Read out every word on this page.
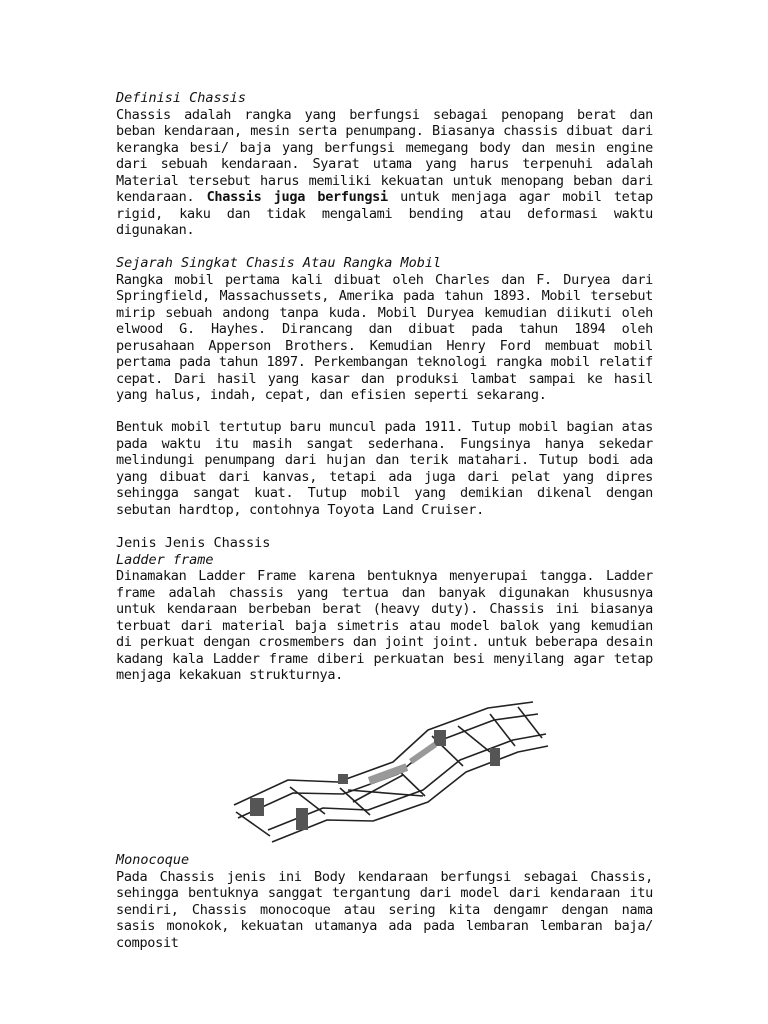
Definisi Chassis

Chassis adalah rangka yang berfungsi sebagai penopang berat dan beban kendaraan, mesin serta penumpang. Biasanya chassis dibuat dari kerangka besi/ baja yang berfungsi memegang body dan mesin engine dari sebuah kendaraan. Syarat utama yang harus terpenuhi adalah Material tersebut harus memiliki kekuatan untuk menopang beban dari kendaraan. Chassis juga berfungsi untuk menjaga agar mobil tetap rigid, kaku dan tidak mengalami bending atau deformasi waktu digunakan.

Sejarah Singkat Chasis Atau Rangka Mobil

Rangka mobil pertama kali dibuat oleh Charles dan F. Duryea dari Springfield, Massachussets, Amerika pada tahun 1893. Mobil tersebut mirip sebuah andong tanpa kuda. Mobil Duryea kemudian diikuti oleh elwood G. Hayhes. Dirancang dan dibuat pada tahun 1894 oleh perusahaan Apperson Brothers. Kemudian Henry Ford membuat mobil pertama pada tahun 1897. Perkembangan teknologi rangka mobil relatif cepat. Dari hasil yang kasar dan produksi lambat sampai ke hasil yang halus, indah, cepat, dan efisien seperti sekarang.

Bentuk mobil tertutup baru muncul pada 1911. Tutup mobil bagian atas pada waktu itu masih sangat sederhana. Fungsinya hanya sekedar melindungi penumpang dari hujan dan terik matahari. Tutup bodi ada yang dibuat dari kanvas, tetapi ada juga dari pelat yang dipres sehingga sangat kuat. Tutup mobil yang demikian dikenal dengan sebutan hardtop, contohnya Toyota Land Cruiser.

Jenis Jenis Chassis
Ladder frame

Dinamakan Ladder Frame karena bentuknya menyerupai tangga. Ladder frame adalah chassis yang tertua dan banyak digunakan khususnya untuk kendaraan berbeban berat (heavy duty). Chassis ini biasanya terbuat dari material baja simetris atau model balok yang kemudian di perkuat dengan crosmembers dan joint joint. untuk beberapa desain kadang kala Ladder frame diberi perkuatan besi menyilang agar tetap menjaga kekakuan strukturnya.

Monocoque

Pada Chassis jenis ini Body kendaraan berfungsi sebagai Chassis, sehingga bentuknya sanggat tergantung dari model dari kendaraan itu sendiri, Chassis monocoque atau sering kita dengamr dengan nama sasis monokok, kekuatan utamanya ada pada lembaran lembaran baja/ composit
